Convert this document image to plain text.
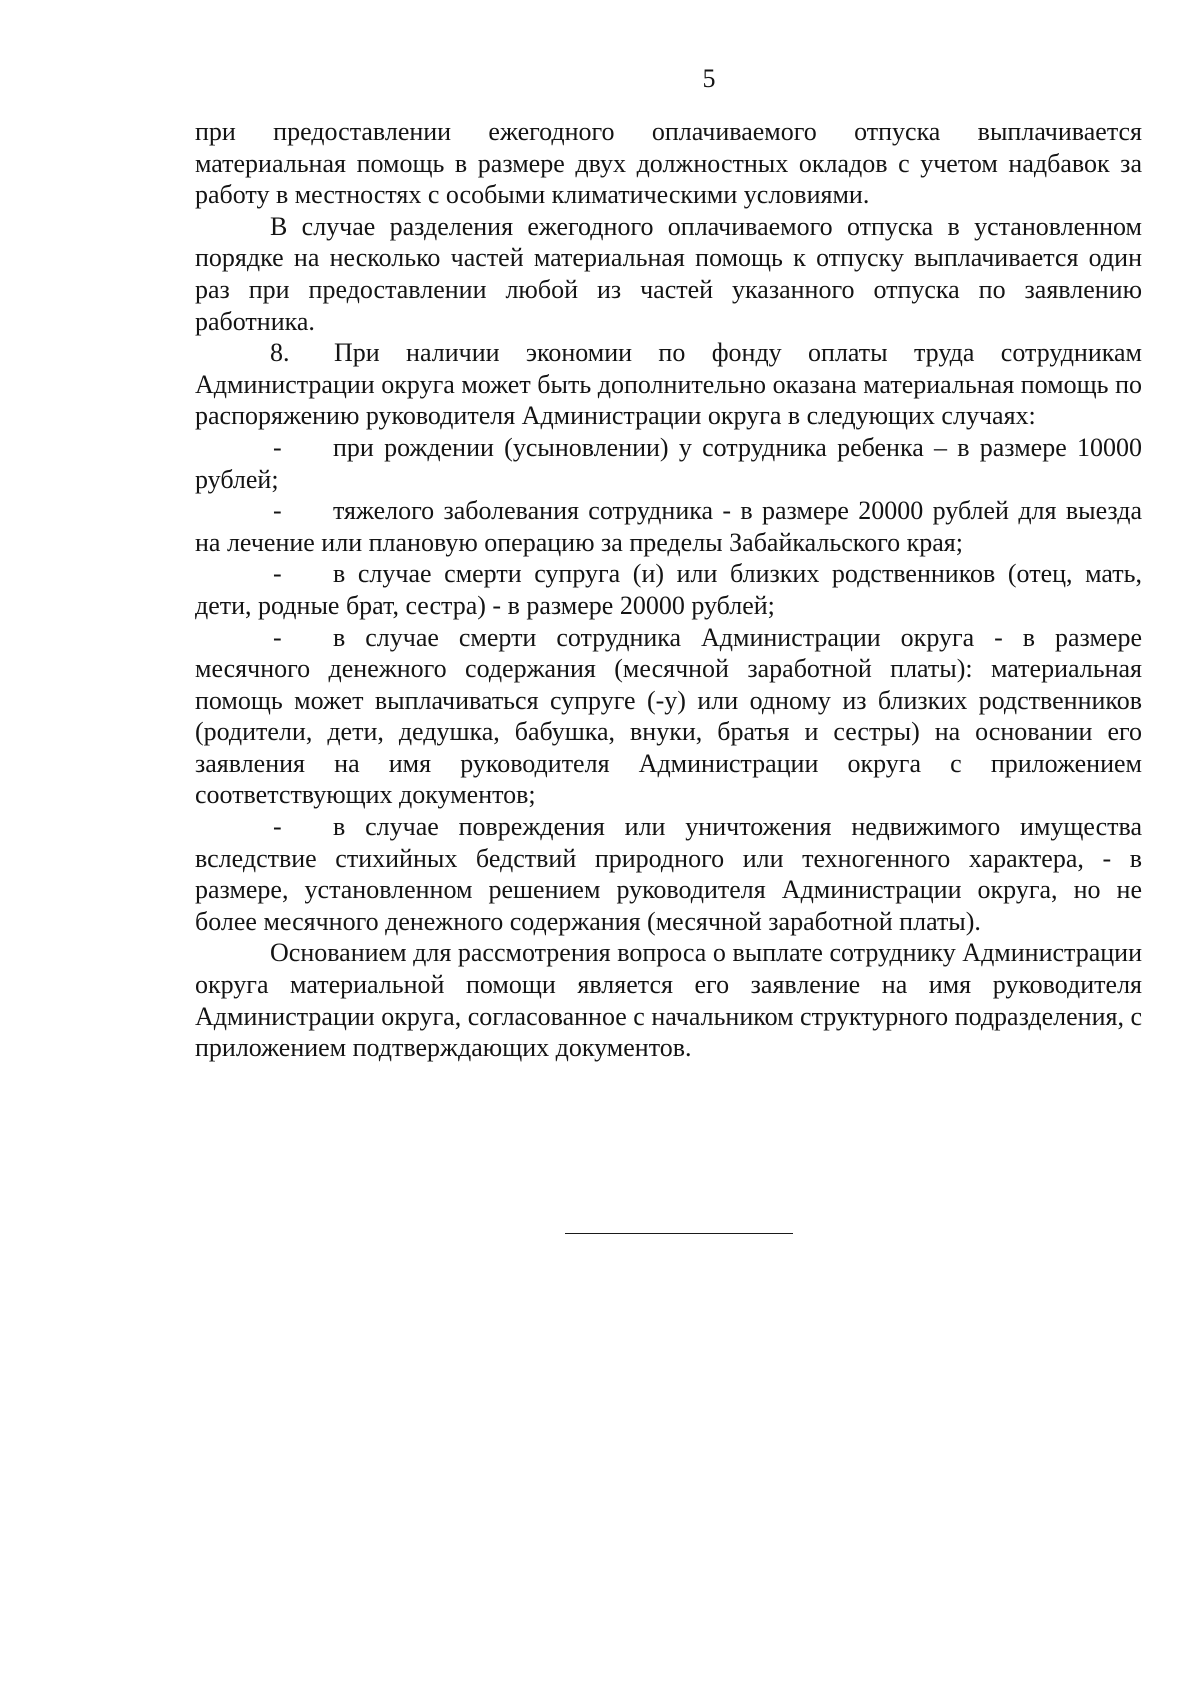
5

при предоставлении ежегодного оплачиваемого отпуска выплачивается материальная помощь в размере двух должностных окладов с учетом надбавок за работу в местностях с особыми климатическими условиями.

В случае разделения ежегодного оплачиваемого отпуска в установленном порядке на несколько частей материальная помощь к отпуску выплачивается один раз при предоставлении любой из частей указанного отпуска по заявлению работника.

8. При наличии экономии по фонду оплаты труда сотрудникам Администрации округа может быть дополнительно оказана материальная помощь по распоряжению руководителя Администрации округа в следующих случаях:

- при рождении (усыновлении) у сотрудника ребенка – в размере 10000 рублей;

- тяжелого заболевания сотрудника - в размере 20000 рублей для выезда на лечение или плановую операцию за пределы Забайкальского края;

- в случае смерти супруга (и) или близких родственников (отец, мать, дети, родные брат, сестра) - в размере 20000 рублей;

- в случае смерти сотрудника Администрации округа - в размере месячного денежного содержания (месячной заработной платы): материальная помощь может выплачиваться супруге (-у) или одному из близких родственников (родители, дети, дедушка, бабушка, внуки, братья и сестры) на основании его заявления на имя руководителя Администрации округа с приложением соответствующих документов;

- в случае повреждения или уничтожения недвижимого имущества вследствие стихийных бедствий природного или техногенного характера, - в размере, установленном решением руководителя Администрации округа, но не более месячного денежного содержания (месячной заработной платы).

Основанием для рассмотрения вопроса о выплате сотруднику Администрации округа материальной помощи является его заявление на имя руководителя Администрации округа, согласованное с начальником структурного подразделения, с приложением подтверждающих документов.
